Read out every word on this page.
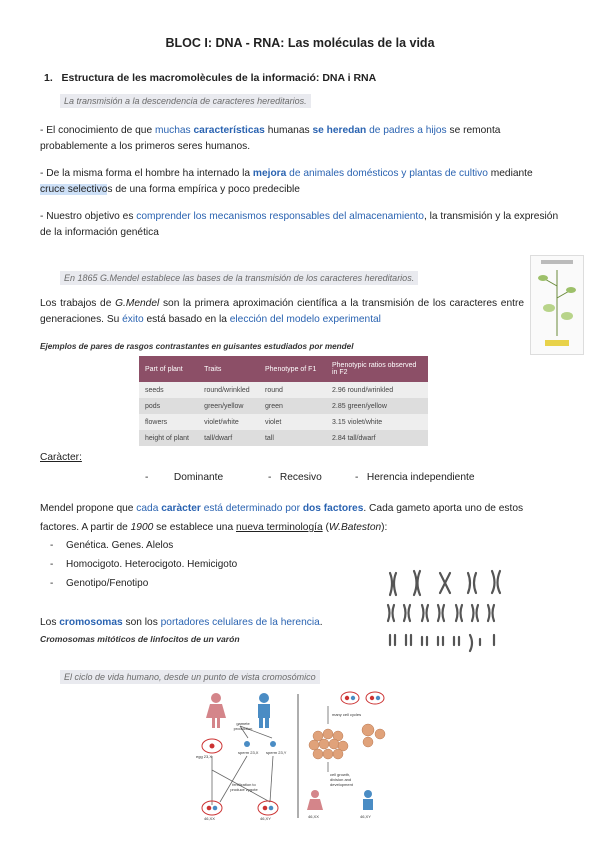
BLOC I: DNA - RNA: Las moléculas de la vida
1.   Estructura de les macromolècules de la informació: DNA i RNA
La transmisión a la descendencia de caracteres hereditarios.
- El conocimiento de que muchas características humanas se heredan de padres a hijos se remonta probablemente a los primeros seres humanos.
- De la misma forma el hombre ha internado la mejora de animales domésticos y plantas de cultivo mediante cruce selectivos de una forma empírica y poco predecible
- Nuestro objetivo es comprender los mecanismos responsables del almacenamiento, la transmisión y la expresión de la información genética
En 1865 G.Mendel establece las bases de la transmisión de los caracteres hereditarios.
Los trabajos de G.Mendel son la primera aproximación científica a la transmisión de los caracteres entre generaciones. Su éxito está basado en la elección del modelo experimental
Ejemplos de pares de rasgos contrastantes en guisantes estudiados por mendel
Part of plant	Traits	Phenotype of F1	Phenotypic ratios observed in F2
seeds	round/wrinkled	round	2.96 round/wrinkled
pods	green/yellow	green	2.85 green/yellow
flowers	violet/white	violet	3.15 violet/white
height of plant	tall/dwarf	tall	2.84 tall/dwarf
Caràcter:
-         Dominante	-   Recesivo	-   Herencia independiente
Mendel propone que cada caràcter está determinado por dos factores. Cada gameto aporta uno de estos factores. A partir de 1900 se establece una nueva terminología (W.Bateston):
- Genética. Genes. Alelos
- Homocigoto. Heterocigoto. Hemicigoto
- Genotipo/Fenotipo
Los cromosomas son los portadores celulares de la herencia.
Cromosomas mitóticos de linfocitos de un varón
El ciclo de vida humano, desde un punto de vista cromosómico
gamete production
egg 23,X
sperm 23,X sperm 23,Y
fertilization to produce zygote
46,XX	46,XY
many cell cycles
cell growth, division and development
46,XX	46,XY
